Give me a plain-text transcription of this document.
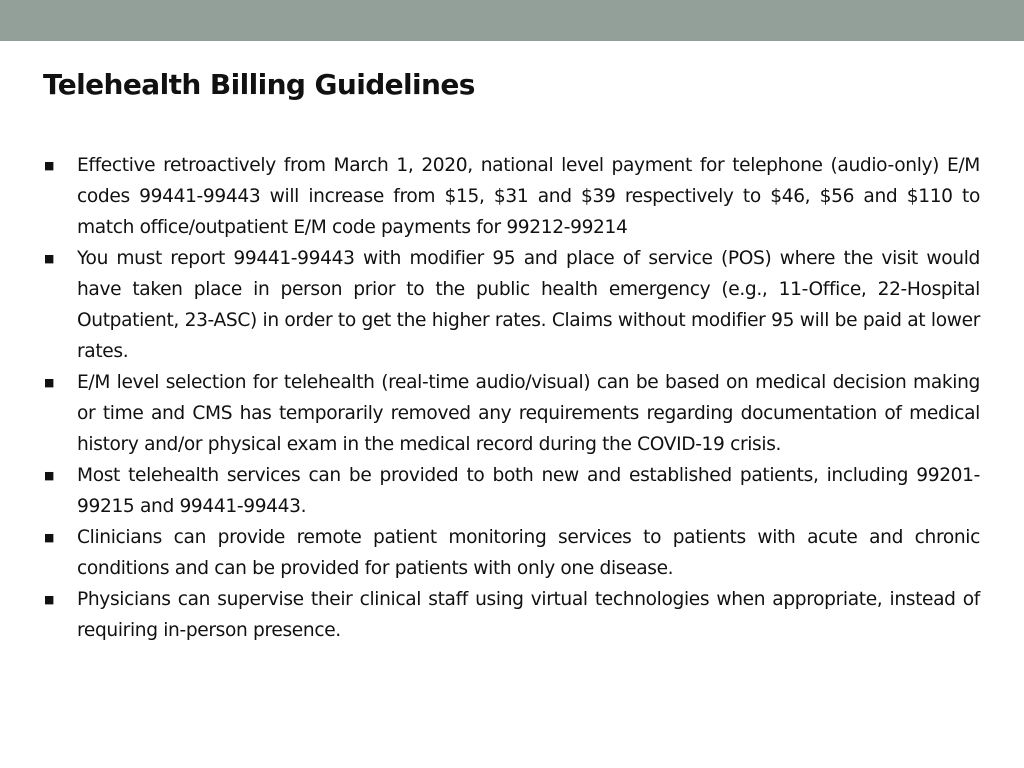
Telehealth Billing Guidelines
■	Effective retroactively from March 1, 2020, national level payment for telephone (audio-only) E/M codes 99441-99443 will increase from $15, $31 and $39 respectively to $46, $56 and $110 to match office/outpatient E/M code payments for 99212-99214
■	You must report 99441-99443 with modifier 95 and place of service (POS) where the visit would have taken place in person prior to the public health emergency (e.g., 11-Office, 22-Hospital Outpatient, 23-ASC) in order to get the higher rates. Claims without modifier 95 will be paid at lower rates.
■	E/M level selection for telehealth (real-time audio/visual) can be based on medical decision making or time and CMS has temporarily removed any requirements regarding documentation of medical history and/or physical exam in the medical record during the COVID-19 crisis.
■	Most telehealth services can be provided to both new and established patients, including 99201-99215 and 99441-99443.
■	Clinicians can provide remote patient monitoring services to patients with acute and chronic conditions and can be provided for patients with only one disease.
■	Physicians can supervise their clinical staff using virtual technologies when appropriate, instead of requiring in-person presence.
